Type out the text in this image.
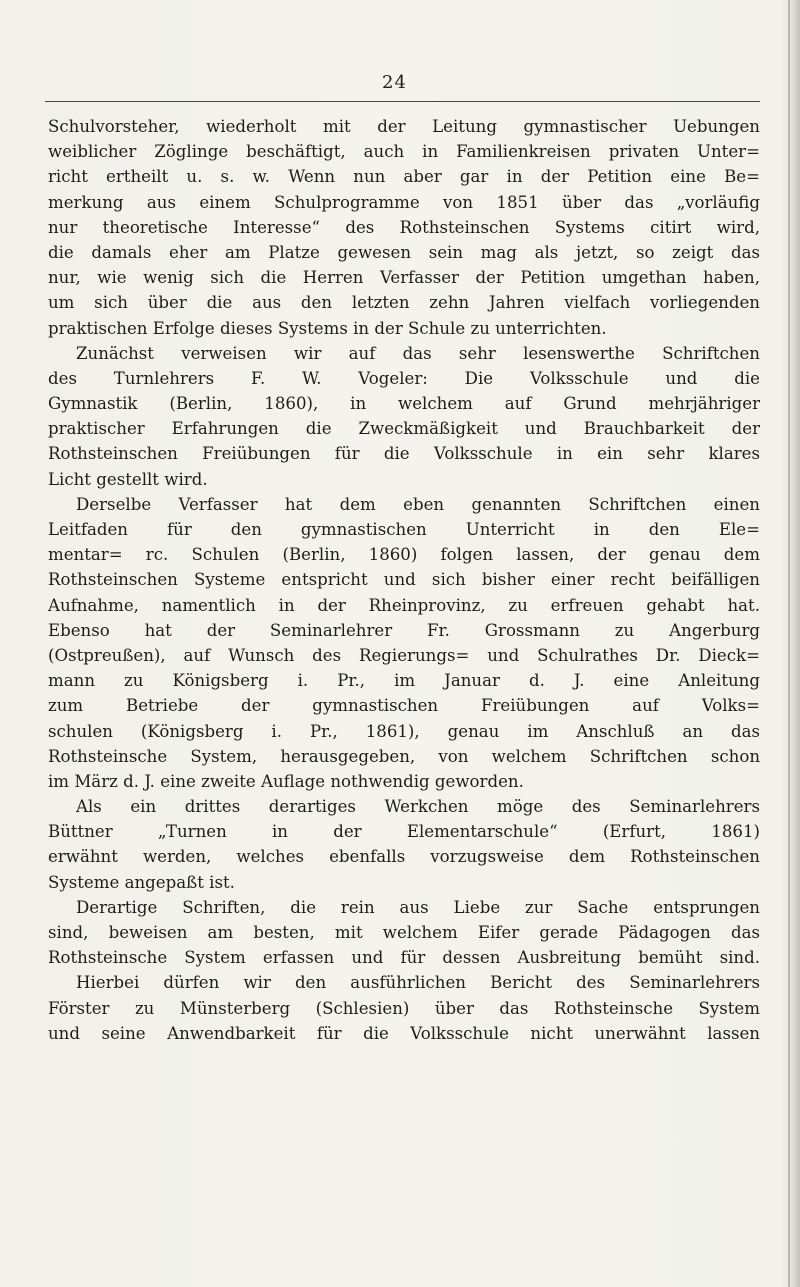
24
Schulvorsteher, wiederholt mit der Leitung gymnastischer Uebungen
weiblicher Zöglinge beschäftigt, auch in Familienkreisen privaten Unter=
richt ertheilt u. s. w. Wenn nun aber gar in der Petition eine Be=
merkung aus einem Schulprogramme von 1851 über das „vorläufig
nur theoretische Interesse“ des Rothsteinschen Systems citirt wird,
die damals eher am Platze gewesen sein mag als jetzt, so zeigt das
nur, wie wenig sich die Herren Verfasser der Petition umgethan haben,
um sich über die aus den letzten zehn Jahren vielfach vorliegenden
praktischen Erfolge dieses Systems in der Schule zu unterrichten.
Zunächst verweisen wir auf das sehr lesenswerthe Schriftchen
des Turnlehrers F. W. Vogeler: Die Volksschule und die
Gymnastik (Berlin, 1860), in welchem auf Grund mehrjähriger
praktischer Erfahrungen die Zweckmäßigkeit und Brauchbarkeit der
Rothsteinschen Freiübungen für die Volksschule in ein sehr klares
Licht gestellt wird.
Derselbe Verfasser hat dem eben genannten Schriftchen einen
Leitfaden für den gymnastischen Unterricht in den Ele=
mentar= rc. Schulen (Berlin, 1860) folgen lassen, der genau dem
Rothsteinschen Systeme entspricht und sich bisher einer recht beifälligen
Aufnahme, namentlich in der Rheinprovinz, zu erfreuen gehabt hat.
Ebenso hat der Seminarlehrer Fr. Grossmann zu Angerburg
(Ostpreußen), auf Wunsch des Regierungs= und Schulrathes Dr. Dieck=
mann zu Königsberg i. Pr., im Januar d. J. eine Anleitung
zum Betriebe der gymnastischen Freiübungen auf Volks=
schulen (Königsberg i. Pr., 1861), genau im Anschluß an das
Rothsteinsche System, herausgegeben, von welchem Schriftchen schon
im März d. J. eine zweite Auflage nothwendig geworden.
Als ein drittes derartiges Werkchen möge des Seminarlehrers
Büttner „Turnen in der Elementarschule“ (Erfurt, 1861)
erwähnt werden, welches ebenfalls vorzugsweise dem Rothsteinschen
Systeme angepaßt ist.
Derartige Schriften, die rein aus Liebe zur Sache entsprungen
sind, beweisen am besten, mit welchem Eifer gerade Pädagogen das
Rothsteinsche System erfassen und für dessen Ausbreitung bemüht sind.
Hierbei dürfen wir den ausführlichen Bericht des Seminarlehrers
Förster zu Münsterberg (Schlesien) über das Rothsteinsche System
und seine Anwendbarkeit für die Volksschule nicht unerwähnt lassen
